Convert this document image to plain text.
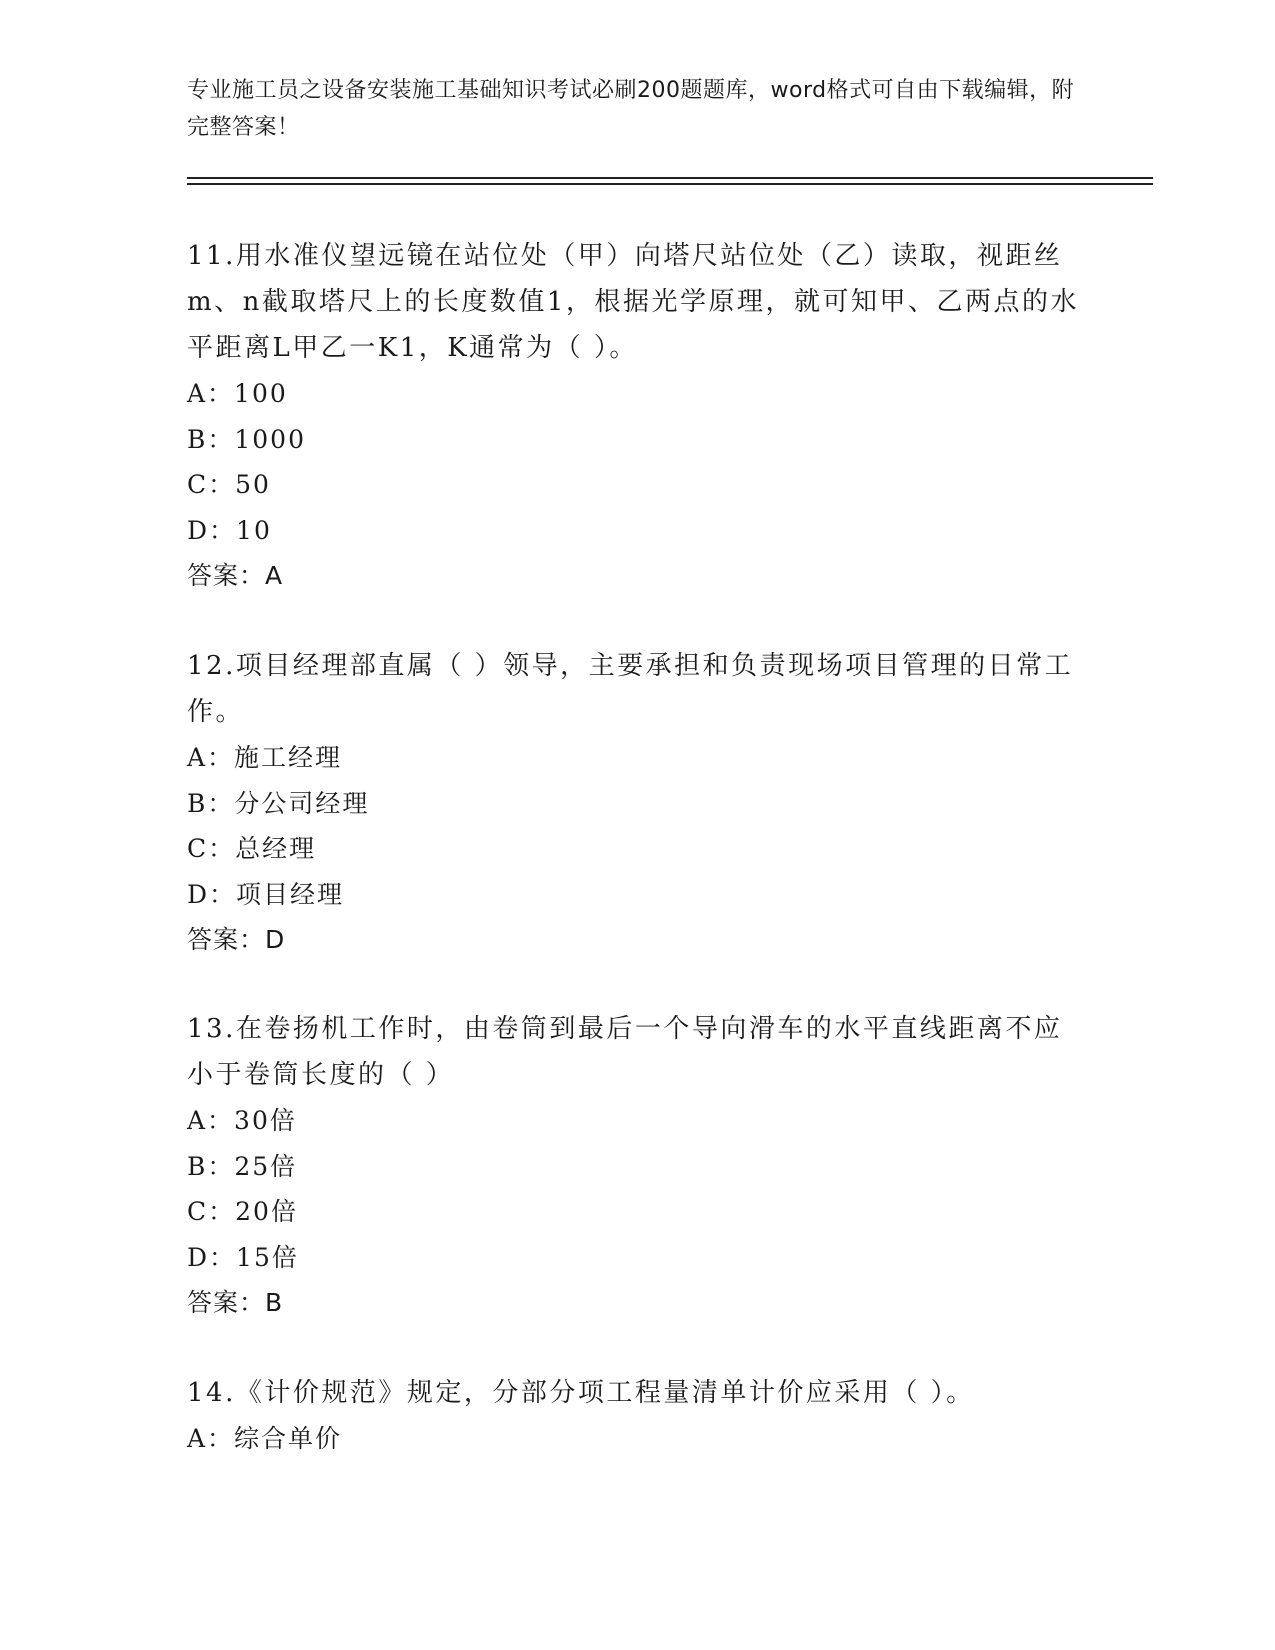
专业施工员之设备安装施工基础知识考试必刷200题题库，word格式可自由下载编辑，附完整答案！

11.用水准仪望远镜在站位处（甲）向塔尺站位处（乙）读取，视距丝m、n截取塔尺上的长度数值1，根据光学原理，就可知甲、乙两点的水平距离L甲乙一K1，K通常为（ ）。

A：100
B：1000
C：50
D：10
答案：A

12.项目经理部直属（ ）领导，主要承担和负责现场项目管理的日常工作。

A：施工经理
B：分公司经理
C：总经理
D：项目经理
答案：D

13.在卷扬机工作时，由卷筒到最后一个导向滑车的水平直线距离不应小于卷筒长度的（ ）

A：30倍
B：25倍
C：20倍
D：15倍
答案：B

14.《计价规范》规定，分部分项工程量清单计价应采用（ ）。

A：综合单价
